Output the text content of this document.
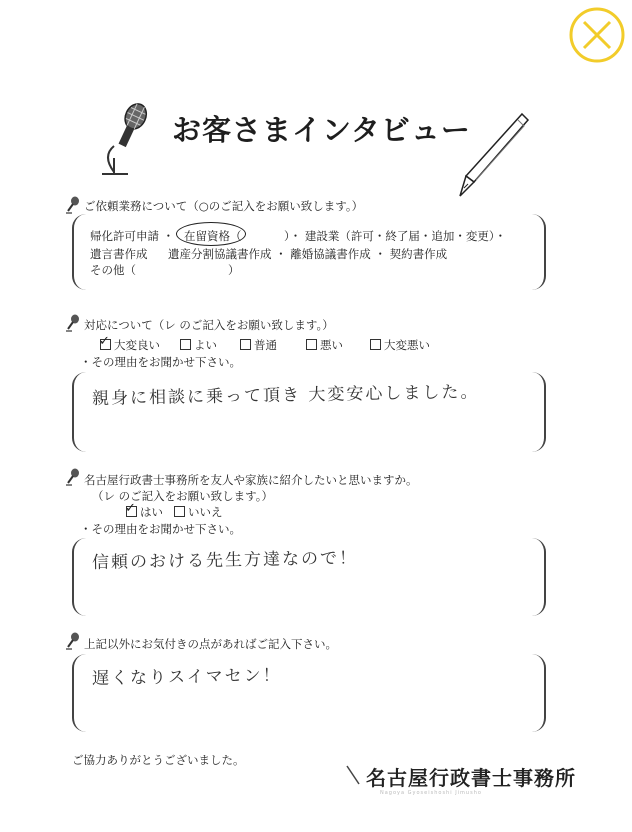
お客さまインタビュー
ご依頼業務について（○のご記入をお願い致します。）
帰化許可申請 ・ 在留資格（	）・ 建設業（許可・終了届・追加・変更）・
遺言書作成 遺産分割協議書作成 ・ 離婚協議書作成 ・ 契約書作成
その他（　　　　　　　　）
対応について（レ のご記入をお願い致します。）
✓大変良い	よい	普通	悪い	大変悪い
・その理由をお聞かせ下さい。
親身に相談に乗って頂き 大変安心しました。
名古屋行政書士事務所を友人や家族に紹介したいと思いますか。
（レ のご記入をお願い致します。）
✓はい	いいえ
・その理由をお聞かせ下さい。
信頼のおける先生方達なので！
上記以外にお気付きの点があればご記入下さい。
遅くなりスイマセン！
ご協力ありがとうございました。
名古屋行政書士事務所
Nagoya Gyoseishoshi Jimusho
